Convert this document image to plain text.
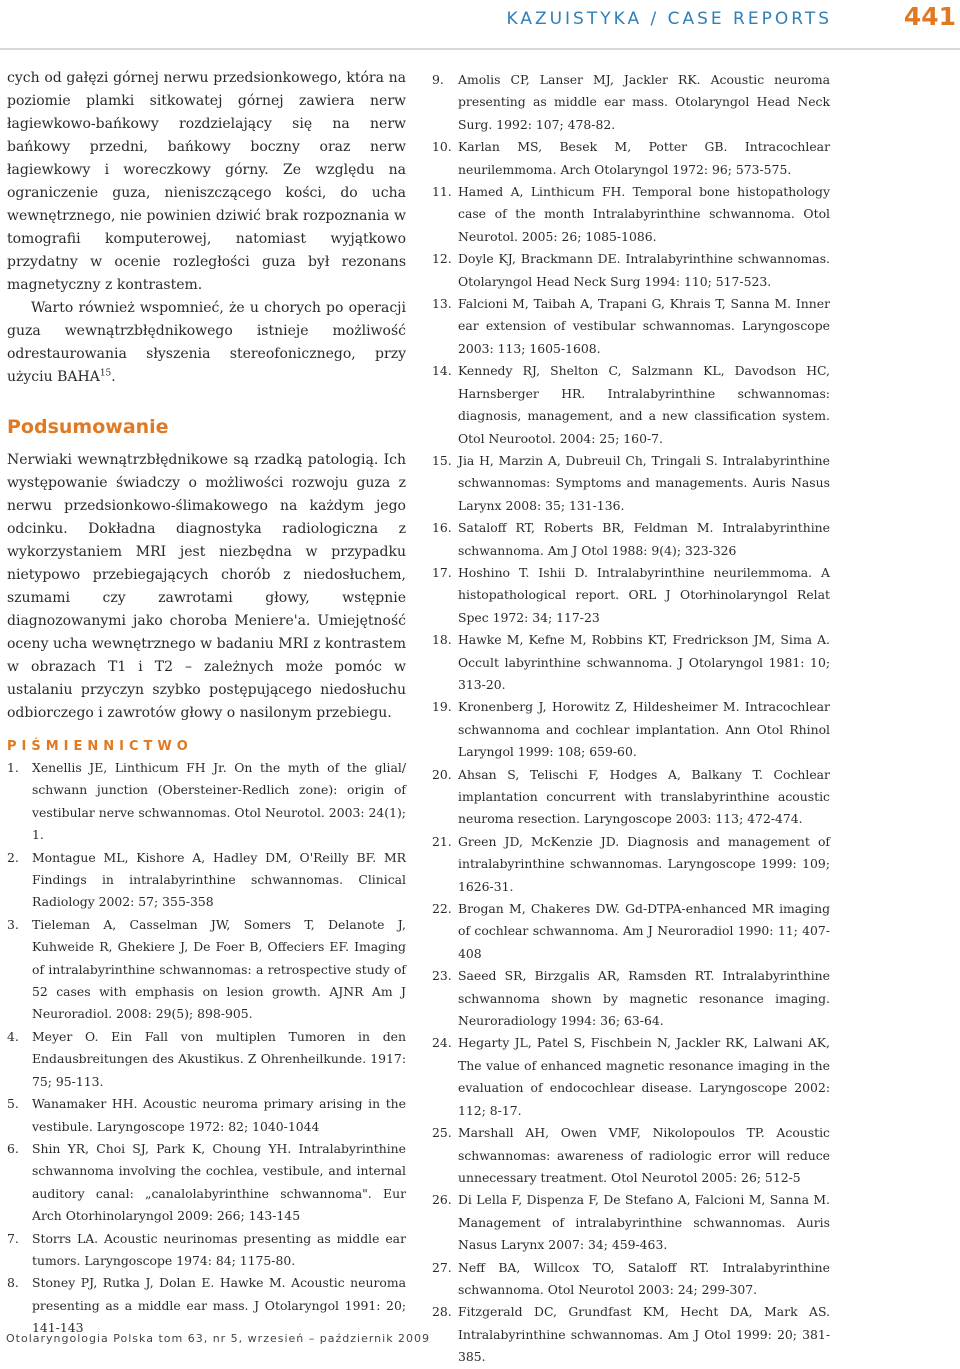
KAZUISTYKA / CASE REPORTS	441

cych od gałęzi górnej nerwu przedsionkowego, która na poziomie plamki sitkowatej górnej zawiera nerw łagiewkowo-bańkowy rozdzielający się na nerw bańkowy przedni, bańkowy boczny oraz nerw łagiewkowy i woreczkowy górny. Ze względu na ograniczenie guza, nieniszczącego kości, do ucha wewnętrznego, nie powinien dziwić brak rozpoznania w tomografii komputerowej, natomiast wyjątkowo przydatny w ocenie rozległości guza był rezonans magnetyczny z kontrastem.

Warto również wspomnieć, że u chorych po operacji guza wewnątrzbłędnikowego istnieje możliwość odrestaurowania słyszenia stereofonicznego, przy użyciu BAHA$^{15}$.

Podsumowanie

Nerwiaki wewnątrzbłędnikowe są rzadką patologią. Ich występowanie świadczy o możliwości rozwoju guza z nerwu przedsionkowo-ślimakowego na każdym jego odcinku. Dokładna diagnostyka radiologiczna z wykorzystaniem MRI jest niezbędna w przypadku nietypowo przebiegających chorób z niedosłuchem, szumami czy zawrotami głowy, wstępnie diagnozowanymi jako choroba Meniere'a. Umiejętność oceny ucha wewnętrznego w badaniu MRI z kontrastem w obrazach T1 i T2 – zależnych może pomóc w ustalaniu przyczyn szybko postępującego niedosłuchu odbiorczego i zawrotów głowy o nasilonym przebiegu.

PIŚMIENNICTWO
1. Xenellis JE, Linthicum FH Jr. On the myth of the glial/ schwann junction (Obersteiner-Redlich zone): origin of vestibular nerve schwannomas. Otol Neurotol. 2003: 24(1); 1.
2. Montague ML, Kishore A, Hadley DM, O'Reilly BF. MR Findings in intralabyrinthine schwannomas. Clinical Radiology 2002: 57; 355-358
3. Tieleman A, Casselman JW, Somers T, Delanote J, Kuhweide R, Ghekiere J, De Foer B, Offeciers EF. Imaging of intralabyrinthine schwannomas: a retrospective study of 52 cases with emphasis on lesion growth. AJNR Am J Neuroradiol. 2008: 29(5); 898-905.
4. Meyer O. Ein Fall von multiplen Tumoren in den Endausbreitungen des Akustikus. Z Ohrenheilkunde. 1917: 75; 95-113.
5. Wanamaker HH. Acoustic neuroma primary arising in the vestibule. Laryngoscope 1972: 82; 1040-1044
6. Shin YR, Choi SJ, Park K, Choung YH. Intralabyrinthine schwannoma involving the cochlea, vestibule, and internal auditory canal: „canalolabyrinthine schwannoma". Eur Arch Otorhinolaryngol 2009: 266; 143-145
7. Storrs LA. Acoustic neurinomas presenting as middle ear tumors. Laryngoscope 1974: 84; 1175-80.
8. Stoney PJ, Rutka J, Dolan E. Hawke M. Acoustic neuroma presenting as a middle ear mass. J Otolaryngol 1991: 20; 141-143
9. Amolis CP, Lanser MJ, Jackler RK. Acoustic neuroma presenting as middle ear mass. Otolaryngol Head Neck Surg. 1992: 107; 478-82.
10. Karlan MS, Besek M, Potter GB. Intracochlear neurilemmoma. Arch Otolaryngol 1972: 96; 573-575.
11. Hamed A, Linthicum FH. Temporal bone histopathology case of the month Intralabyrinthine schwannoma. Otol Neurotol. 2005: 26; 1085-1086.
12. Doyle KJ, Brackmann DE. Intralabyrinthine schwannomas. Otolaryngol Head Neck Surg 1994: 110; 517-523.
13. Falcioni M, Taibah A, Trapani G, Khrais T, Sanna M. Inner ear extension of vestibular schwannomas. Laryngoscope 2003: 113; 1605-1608.
14. Kennedy RJ, Shelton C, Salzmann KL, Davodson HC, Harnsberger HR. Intralabyrinthine schwannomas: diagnosis, management, and a new classification system. Otol Neurootol. 2004: 25; 160-7.
15. Jia H, Marzin A, Dubreuil Ch, Tringali S. Intralabyrinthine schwannomas: Symptoms and managements. Auris Nasus Larynx 2008: 35; 131-136.
16. Sataloff RT, Roberts BR, Feldman M. Intralabyrinthine schwannoma. Am J Otol 1988: 9(4); 323-326
17. Hoshino T. Ishii D. Intralabyrinthine neurilemmoma. A histopathological report. ORL J Otorhinolaryngol Relat Spec 1972: 34; 117-23
18. Hawke M, Kefne M, Robbins KT, Fredrickson JM, Sima A. Occult labyrinthine schwannoma. J Otolaryngol 1981: 10; 313-20.
19. Kronenberg J, Horowitz Z, Hildesheimer M. Intracochlear schwannoma and cochlear implantation. Ann Otol Rhinol Laryngol 1999: 108; 659-60.
20. Ahsan S, Telischi F, Hodges A, Balkany T. Cochlear implantation concurrent with translabyrinthine acoustic neuroma resection. Laryngoscope 2003: 113; 472-474.
21. Green JD, McKenzie JD. Diagnosis and management of intralabyrinthine schwannomas. Laryngoscope 1999: 109; 1626-31.
22. Brogan M, Chakeres DW. Gd-DTPA-enhanced MR imaging of cochlear schwannoma. Am J Neuroradiol 1990: 11; 407-408
23. Saeed SR, Birzgalis AR, Ramsden RT. Intralabyrinthine schwannoma shown by magnetic resonance imaging. Neuroradiology 1994: 36; 63-64.
24. Hegarty JL, Patel S, Fischbein N, Jackler RK, Lalwani AK, The value of enhanced magnetic resonance imaging in the evaluation of endocochlear disease. Laryngoscope 2002: 112; 8-17.
25. Marshall AH, Owen VMF, Nikolopoulos TP. Acoustic schwannomas: awareness of radiologic error will reduce unnecessary treatment. Otol Neurotol 2005: 26; 512-5
26. Di Lella F, Dispenza F, De Stefano A, Falcioni M, Sanna M. Management of intralabyrinthine schwannomas. Auris Nasus Larynx 2007: 34; 459-463.
27. Neff BA, Willcox TO, Sataloff RT. Intralabyrinthine schwannoma. Otol Neurotol 2003: 24; 299-307.
28. Fitzgerald DC, Grundfast KM, Hecht DA, Mark AS. Intralabyrinthine schwannomas. Am J Otol 1999: 20; 381-385.
Otolaryngologia Polska tom 63, nr 5, wrzesień – październik 2009
